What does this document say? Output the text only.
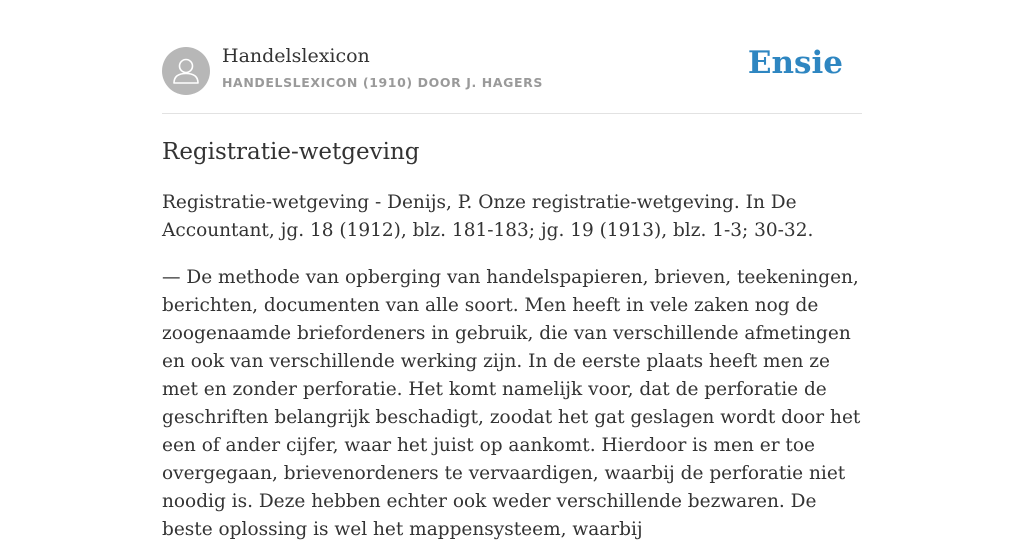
Handelslexicon
HANDELSLEXICON (1910) DOOR J. HAGERS
Ensie
Registratie-wetgeving

Registratie-wetgeving - Denijs, P. Onze registratie-wetgeving. In De Accountant, jg. 18 (1912), blz. 181-183; jg. 19 (1913), blz. 1-3; 30-32.

— De methode van opberging van handelspapieren, brieven, teekeningen, berichten, documenten van alle soort. Men heeft in vele zaken nog de zoogenaamde briefordeners in gebruik, die van verschillende afmetingen en ook van verschillende werking zijn. In de eerste plaats heeft men ze met en zonder perforatie. Het komt namelijk voor, dat de perforatie de geschriften belangrijk beschadigt, zoodat het gat geslagen wordt door het een of ander cijfer, waar het juist op aankomt. Hierdoor is men er toe overgegaan, brievenordeners te vervaardigen, waarbij de perforatie niet noodig is. Deze hebben echter ook weder verschillende bezwaren. De beste oplossing is wel het mappensysteem, waarbij
